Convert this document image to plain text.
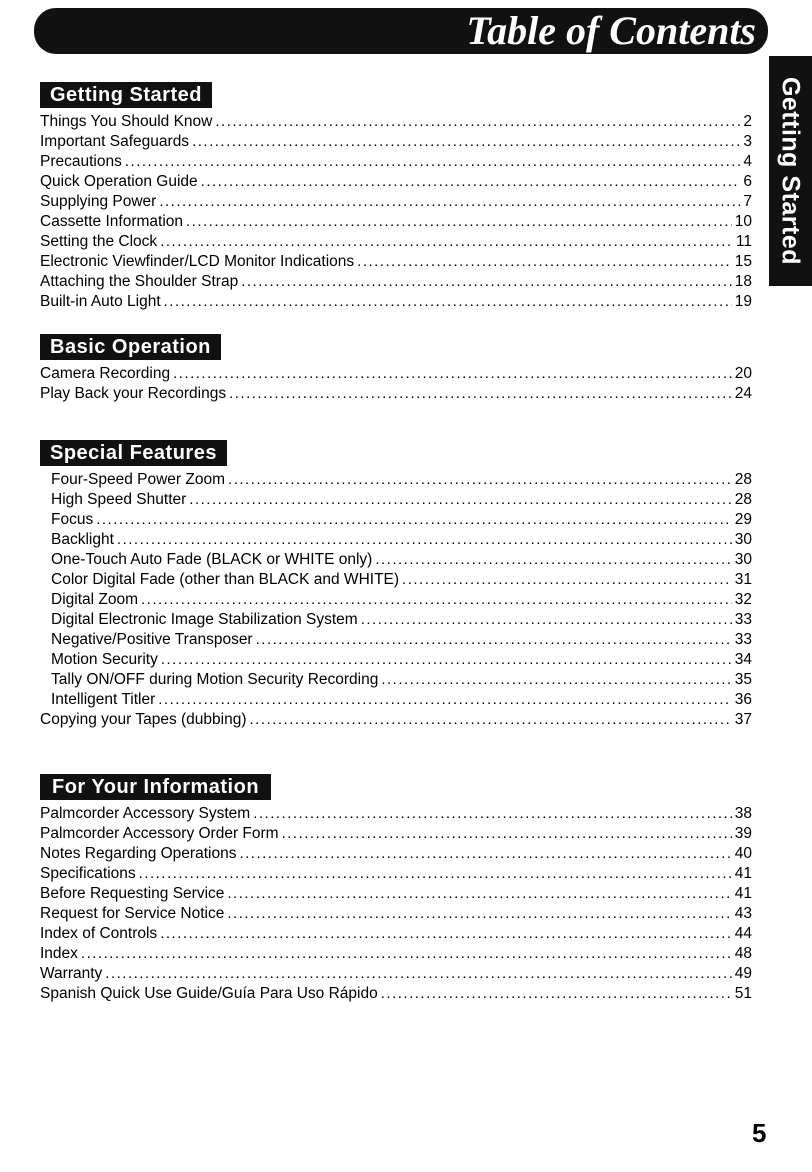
Table of Contents
Getting Started
Getting Started
Things You Should Know .....	2
Important Safeguards .....	3
Precautions .....	4
Quick Operation Guide .....	6
Supplying Power .....	7
Cassette Information .....	10
Setting the Clock .....	11
Electronic Viewfinder/LCD Monitor Indications .....	15
Attaching the Shoulder Strap .....	18
Built-in Auto Light .....	19
Basic Operation
Camera Recording .....	20
Play Back your Recordings .....	24
Special Features
Four-Speed Power Zoom .....	28
High Speed Shutter .....	28
Focus .....	29
Backlight .....	30
One-Touch Auto Fade (BLACK or WHITE only) .....	30
Color Digital Fade (other than BLACK and WHITE) .....	31
Digital Zoom .....	32
Digital Electronic Image Stabilization System .....	33
Negative/Positive Transposer .....	33
Motion Security .....	34
Tally ON/OFF during Motion Security Recording .....	35
Intelligent Titler .....	36
Copying your Tapes (dubbing) .....	37
For Your Information
Palmcorder Accessory System .....	38
Palmcorder Accessory Order Form .....	39
Notes Regarding Operations .....	40
Specifications .....	41
Before Requesting Service .....	41
Request for Service Notice .....	43
Index of Controls .....	44
Index .....	48
Warranty .....	49
Spanish Quick Use Guide/Guía Para Uso Rápido .....	51
5
